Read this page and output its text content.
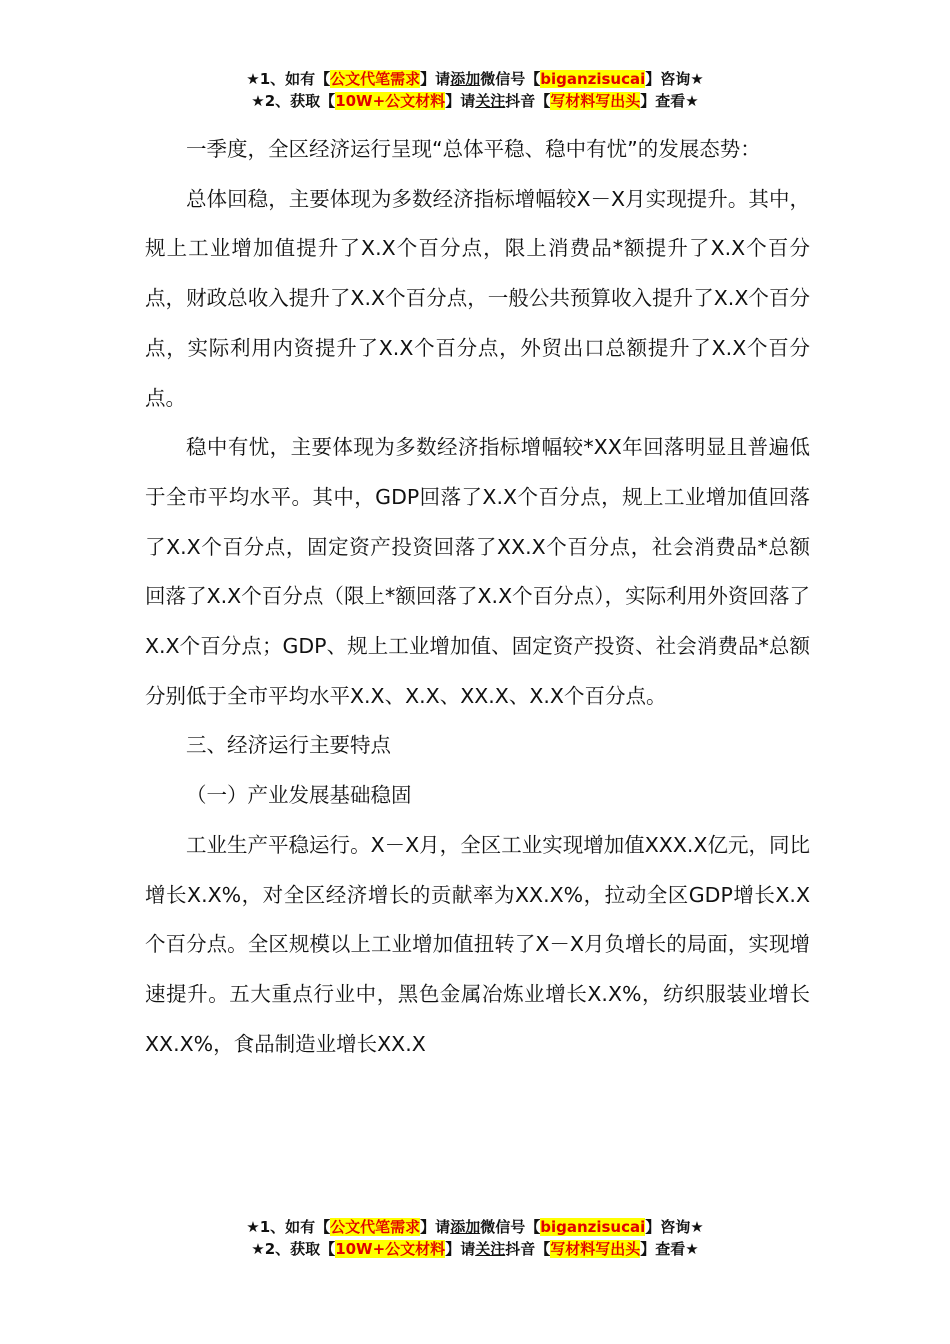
★1、如有【公文代笔需求】请添加微信号【biganzisucai】咨询★
★2、获取【10W+公文材料】请关注抖音【写材料写出头】查看★

一季度，全区经济运行呈现“总体平稳、稳中有忧”的发展态势：

总体回稳，主要体现为多数经济指标增幅较X－X月实现提升。其中，规上工业增加值提升了X.X个百分点，限上消费品*额提升了X.X个百分点，财政总收入提升了X.X个百分点，一般公共预算收入提升了X.X个百分点，实际利用内资提升了X.X个百分点，外贸出口总额提升了X.X个百分点。

稳中有忧，主要体现为多数经济指标增幅较*XX年回落明显且普遍低于全市平均水平。其中，GDP回落了X.X个百分点，规上工业增加值回落了X.X个百分点，固定资产投资回落了XX.X个百分点，社会消费品*总额回落了X.X个百分点（限上*额回落了X.X个百分点），实际利用外资回落了X.X个百分点；GDP、规上工业增加值、固定资产投资、社会消费品*总额分别低于全市平均水平X.X、X.X、XX.X、X.X个百分点。

三、经济运行主要特点

（一）产业发展基础稳固

工业生产平稳运行。X－X月，全区工业实现增加值XXX.X亿元，同比增长X.X%，对全区经济增长的贡献率为XX.X%，拉动全区GDP增长X.X个百分点。全区规模以上工业增加值扭转了X－X月负增长的局面，实现增速提升。五大重点行业中，黑色金属冶炼业增长X.X%，纺织服装业增长XX.X%，食品制造业增长XX.X

★1、如有【公文代笔需求】请添加微信号【biganzisucai】咨询★
★2、获取【10W+公文材料】请关注抖音【写材料写出头】查看★
